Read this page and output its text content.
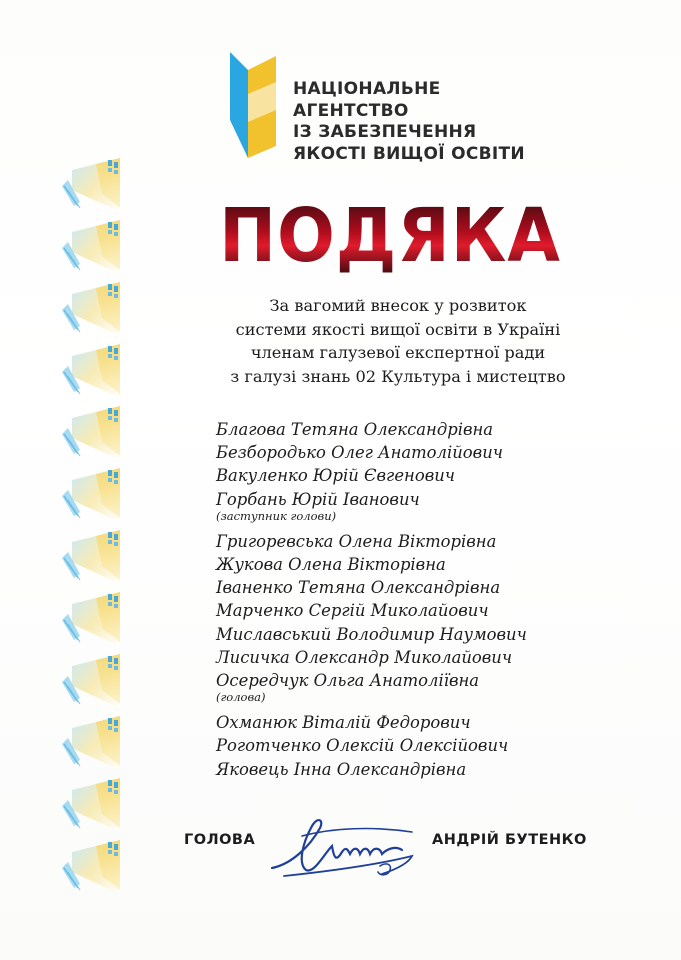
НАЦІОНАЛЬНЕ
АГЕНТСТВО
ІЗ ЗАБЕЗПЕЧЕННЯ
ЯКОСТІ ВИЩОЇ ОСВІТИ
ПОДЯКА
За вагомий внесок у розвиток
системи якості вищої освіти в Україні
членам галузевої експертної ради
з галузі знань 02 Культура і мистецтво
Благова Тетяна Олександрівна
Безбородько Олег Анатолійович
Вакуленко Юрій Євгенович
Горбань Юрій Іванович
(заступник голови)
Григоревська Олена Вікторівна
Жукова Олена Вікторівна
Іваненко Тетяна Олександрівна
Марченко Сергій Миколайович
Миславський Володимир Наумович
Лисичка Олександр Миколайович
Осередчук Ольга Анатоліївна
(голова)
Охманюк Віталій Федорович
Роготченко Олексій Олексійович
Яковець Інна Олександрівна
ГОЛОВА	АНДРІЙ БУТЕНКО
